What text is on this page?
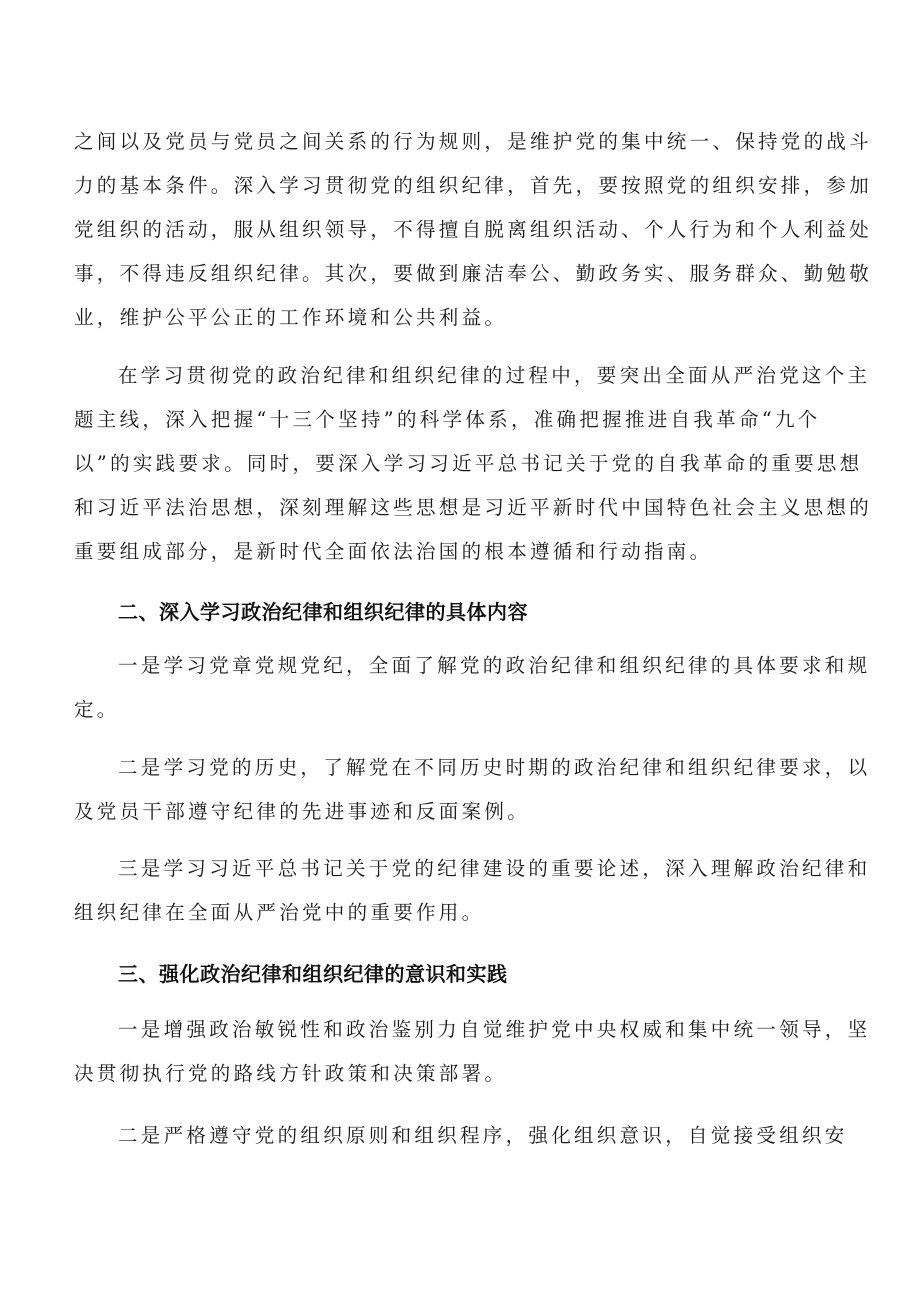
之间以及党员与党员之间关系的行为规则，是维护党的集中统一、保持党的战斗力的基本条件。深入学习贯彻党的组织纪律，首先，要按照党的组织安排，参加党组织的活动，服从组织领导，不得擅自脱离组织活动、个人行为和个人利益处事，不得违反组织纪律。其次，要做到廉洁奉公、勤政务实、服务群众、勤勉敬业，维护公平公正的工作环境和公共利益。

在学习贯彻党的政治纪律和组织纪律的过程中，要突出全面从严治党这个主题主线，深入把握“十三个坚持”的科学体系，准确把握推进自我革命“九个以”的实践要求。同时，要深入学习习近平总书记关于党的自我革命的重要思想和习近平法治思想，深刻理解这些思想是习近平新时代中国特色社会主义思想的重要组成部分，是新时代全面依法治国的根本遵循和行动指南。

二、深入学习政治纪律和组织纪律的具体内容

一是学习党章党规党纪，全面了解党的政治纪律和组织纪律的具体要求和规定。

二是学习党的历史，了解党在不同历史时期的政治纪律和组织纪律要求，以及党员干部遵守纪律的先进事迹和反面案例。

三是学习习近平总书记关于党的纪律建设的重要论述，深入理解政治纪律和组织纪律在全面从严治党中的重要作用。

三、强化政治纪律和组织纪律的意识和实践

一是增强政治敏锐性和政治鉴别力自觉维护党中央权威和集中统一领导，坚决贯彻执行党的路线方针政策和决策部署。

二是严格遵守党的组织原则和组织程序，强化组织意识，自觉接受组织安
